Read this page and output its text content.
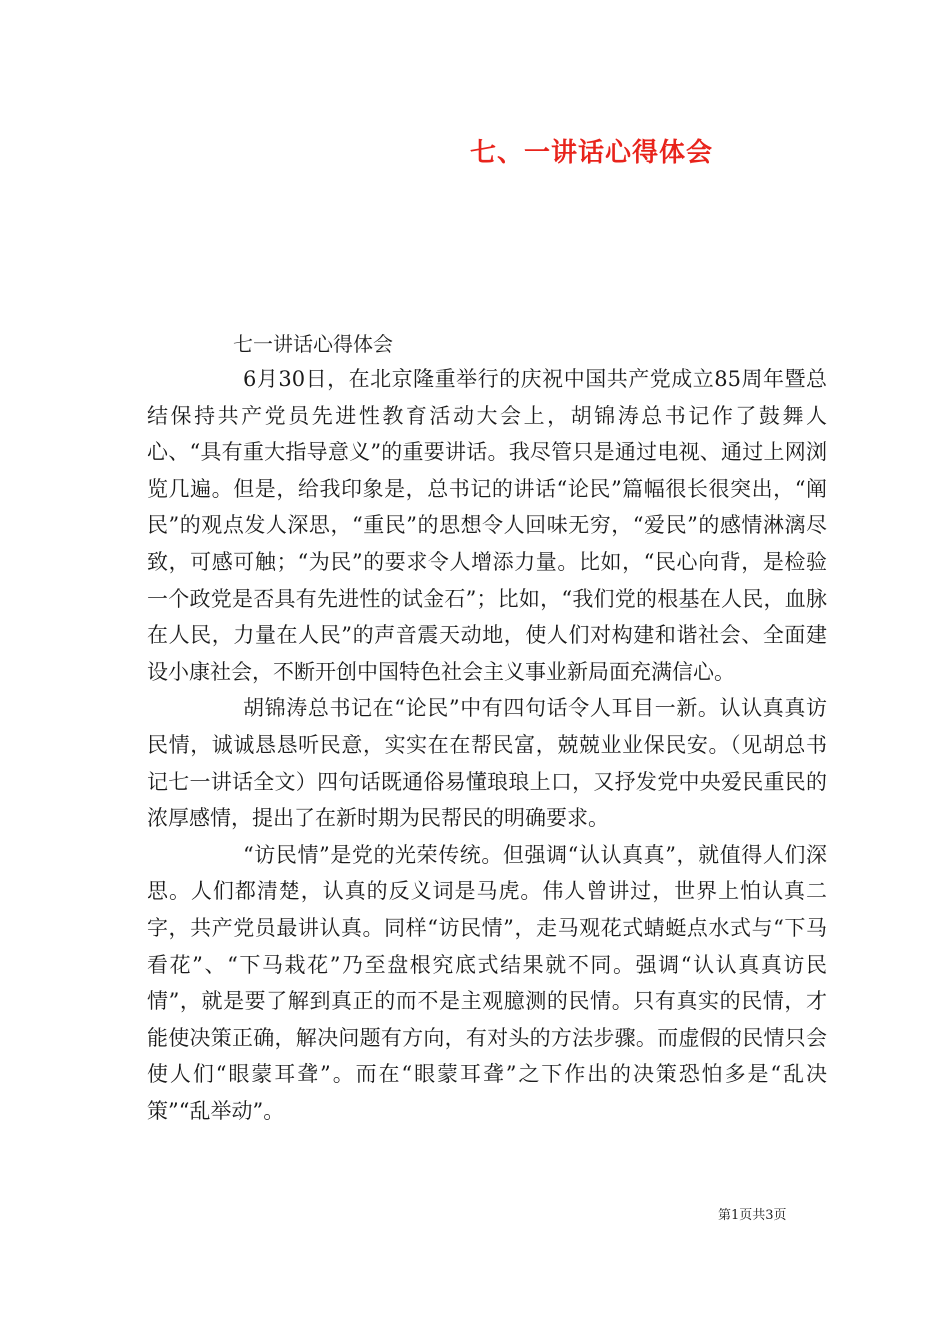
七、一讲话心得体会
七一讲话心得体会

6月30日，在北京隆重举行的庆祝中国共产党成立85周年暨总结保持共产党员先进性教育活动大会上，胡锦涛总书记作了鼓舞人心、“具有重大指导意义”的重要讲话。我尽管只是通过电视、通过上网浏览几遍。但是，给我印象是，总书记的讲话“论民”篇幅很长很突出，“阐民”的观点发人深思，“重民”的思想令人回味无穷，“爱民”的感情淋漓尽致，可感可触；“为民”的要求令人增添力量。比如，“民心向背，是检验一个政党是否具有先进性的试金石”；比如，“我们党的根基在人民，血脉在人民，力量在人民”的声音震天动地，使人们对构建和谐社会、全面建设小康社会，不断开创中国特色社会主义事业新局面充满信心。

胡锦涛总书记在“论民”中有四句话令人耳目一新。认认真真访民情，诚诚恳恳听民意，实实在在帮民富，兢兢业业保民安。（见胡总书记七一讲话全文）四句话既通俗易懂琅琅上口，又抒发党中央爱民重民的浓厚感情，提出了在新时期为民帮民的明确要求。

“访民情”是党的光荣传统。但强调“认认真真”，就值得人们深思。人们都清楚，认真的反义词是马虎。伟人曾讲过，世界上怕认真二字，共产党员最讲认真。同样“访民情”，走马观花式蜻蜓点水式与“下马看花”、“下马栽花”乃至盘根究底式结果就不同。强调“认认真真访民情”，就是要了解到真正的而不是主观臆测的民情。只有真实的民情，才能使决策正确，解决问题有方向，有对头的方法步骤。而虚假的民情只会使人们“眼蒙耳聋”。而在“眼蒙耳聋”之下作出的决策恐怕多是“乱决策”“乱举动”。

第1页共3页
